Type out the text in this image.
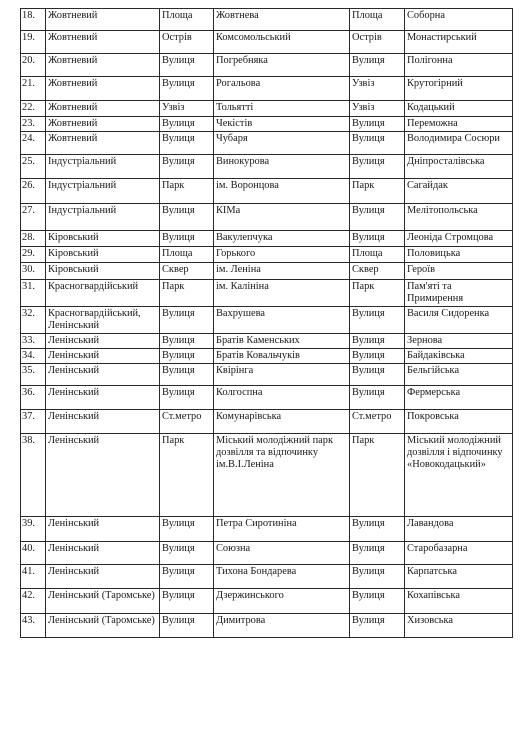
18.	Жовтневий	Площа	Жовтнева	Площа	Соборна
19.	Жовтневий	Острів	Комсомольський	Острів	Монастирський
20.	Жовтневий	Вулиця	Погребняка	Вулиця	Полігонна
21.	Жовтневий	Вулиця	Рогальова	Узвіз	Крутогірний
22.	Жовтневий	Узвіз	Тольятті	Узвіз	Кодацький
23.	Жовтневий	Вулиця	Чекістів	Вулиця	Переможна
24.	Жовтневий	Вулиця	Чубаря	Вулиця	Володимира Сосюри
25.	Індустріальний	Вулиця	Винокурова	Вулиця	Дніпросталівська
26.	Індустріальний	Парк	ім. Воронцова	Парк	Сагайдак
27.	Індустріальний	Вулиця	КІМа	Вулиця	Мелітопольська
28.	Кіровський	Вулиця	Вакулепчука	Вулиця	Леоніда Стромцова
29.	Кіровський	Площа	Горького	Площа	Половицька
30.	Кіровський	Сквер	ім. Леніна	Сквер	Героїв
31.	Красногвардійський	Парк	ім. Калініна	Парк	Пам'яті та Примирення
32.	Красногвардійський, Ленінський	Вулиця	Вахрушева	Вулиця	Василя Сидоренка
33.	Ленінський	Вулиця	Братів Каменських	Вулиця	Зернова
34.	Ленінський	Вулиця	Братів Ковальчуків	Вулиця	Байдаківська
35.	Ленінський	Вулиця	Квірінга	Вулиця	Бельгійська
36.	Ленінський	Вулиця	Колгоспна	Вулиця	Фермерська
37.	Ленінський	Ст.метро	Комунарівська	Ст.метро	Покровська
38.	Ленінський	Парк	Міський молодіжний парк дозвілля та відпочинку ім.В.І.Леніна	Парк	Міський молодіжний дозвілля і відпочинку «Новокодацький»
39.	Ленінський	Вулиця	Петра Сиротиніна	Вулиця	Лавандова
40.	Ленінський	Вулиця	Союзна	Вулиця	Старобазарна
41.	Ленінський	Вулиця	Тихона Бондарева	Вулиця	Карпатська
42.	Ленінський (Таромське)	Вулиця	Дзержинського	Вулиця	Кохапівська
43.	Ленінський (Таромське)	Вулиця	Димитрова	Вулиця	Хизовська
